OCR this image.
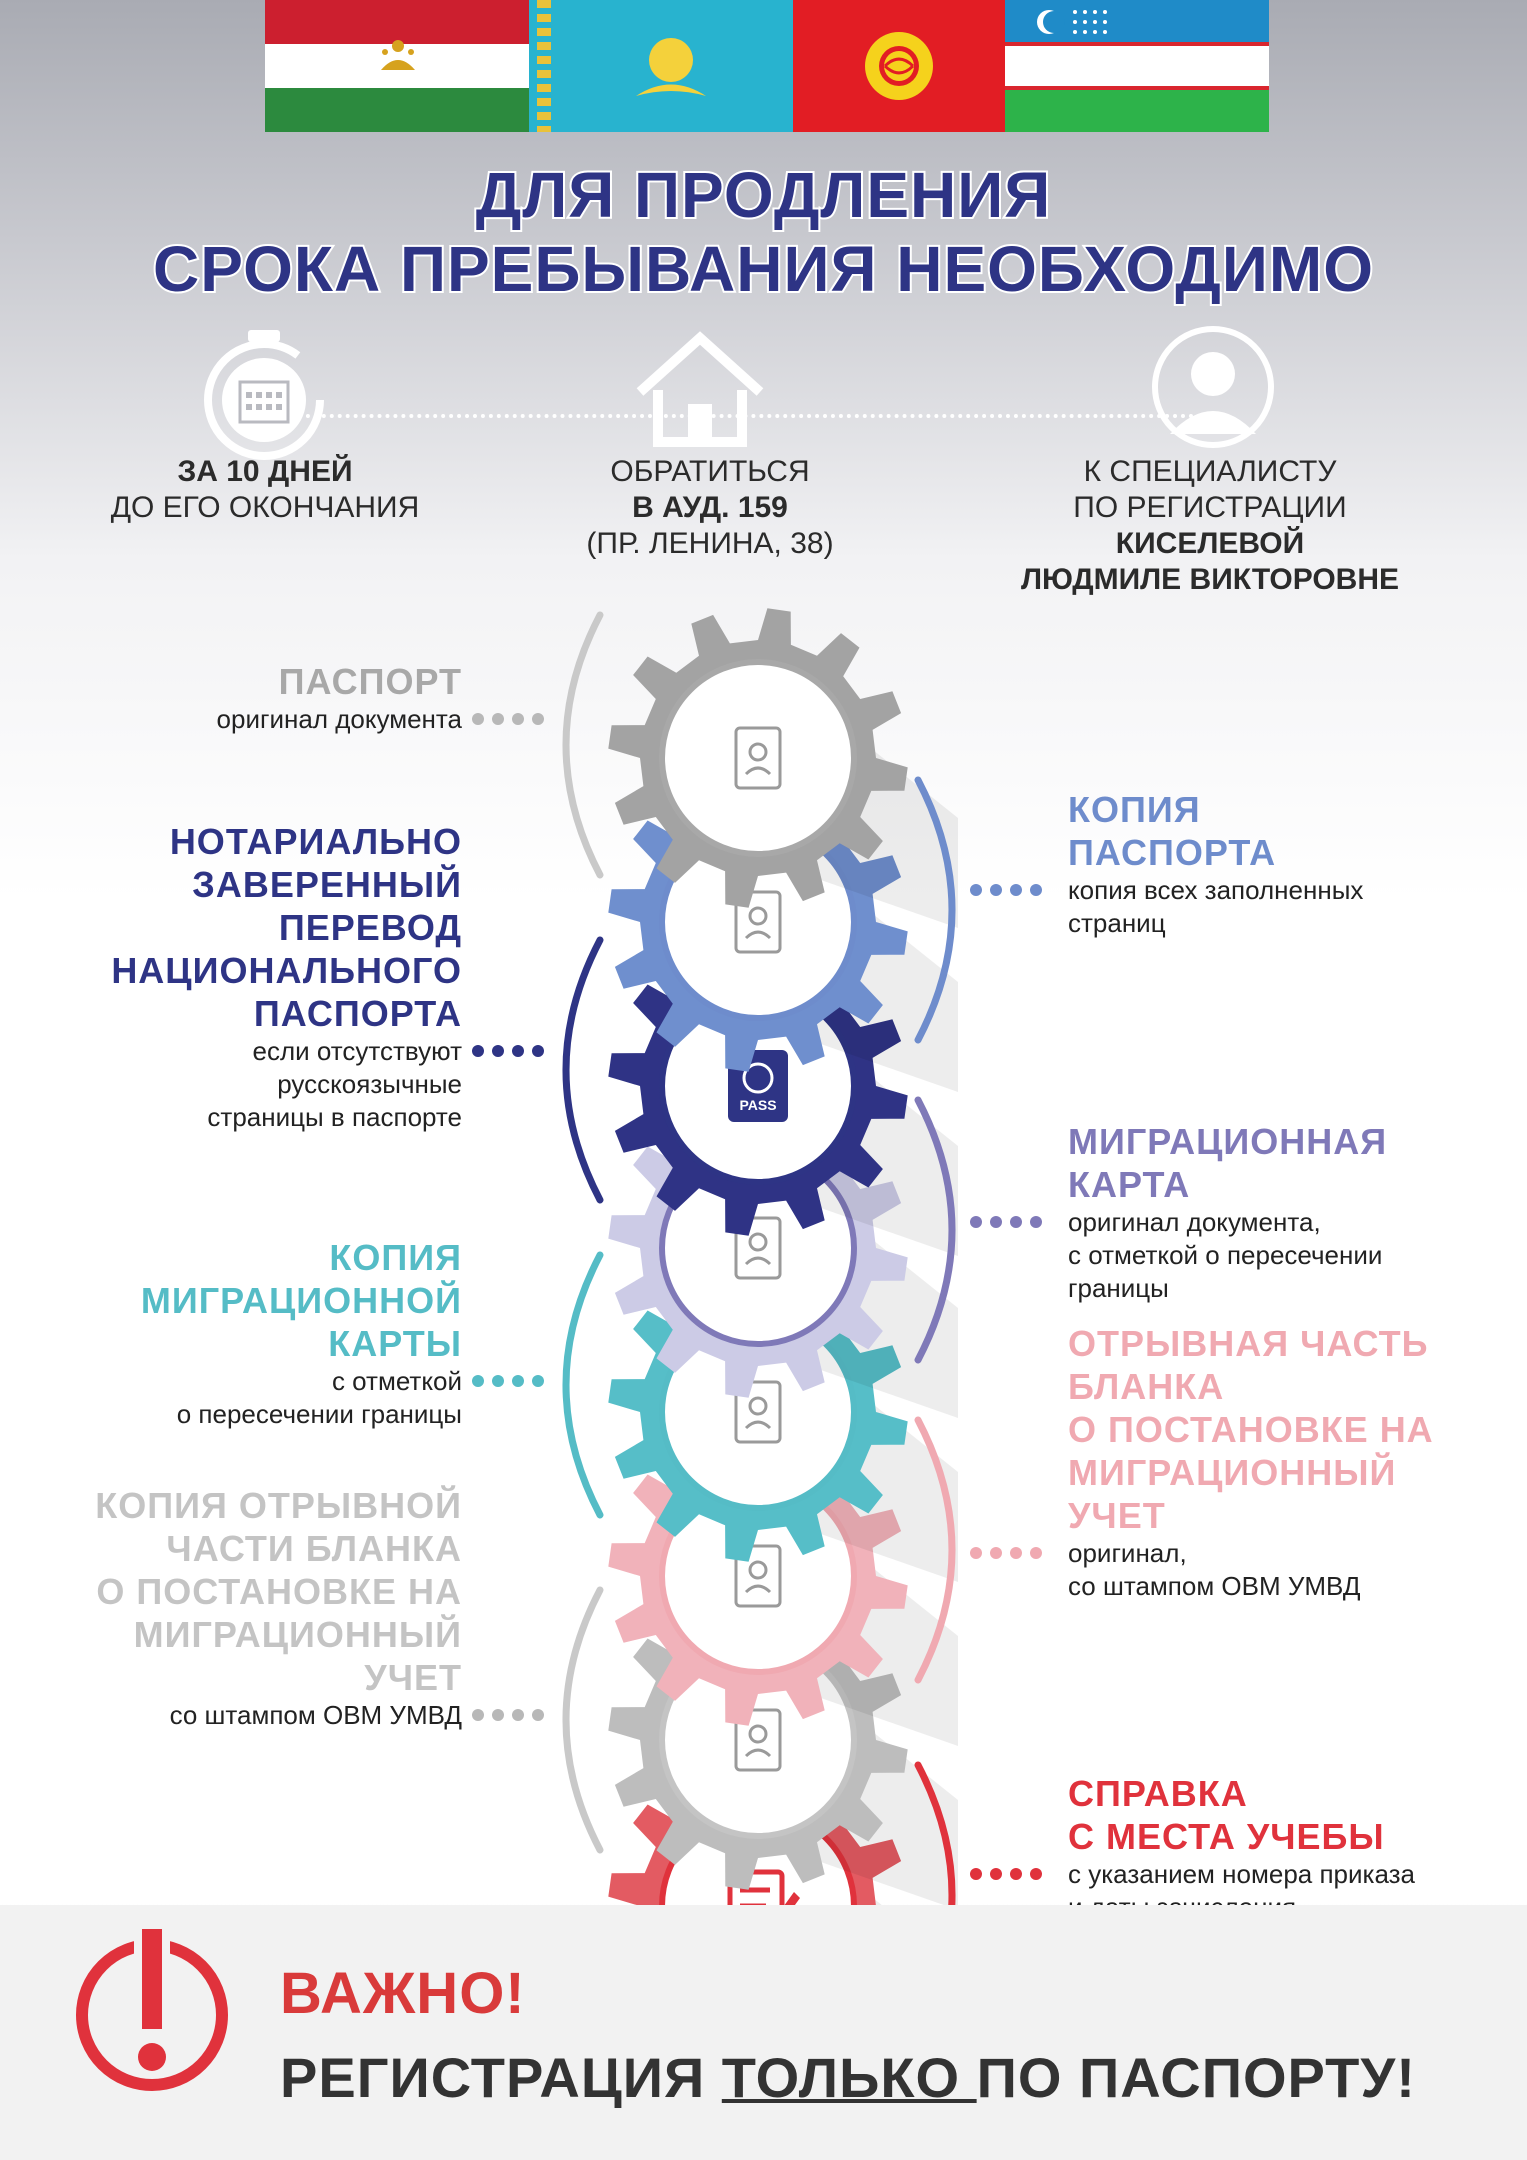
ДЛЯ ПРОДЛЕНИЯ
СРОКА ПРЕБЫВАНИЯ НЕОБХОДИМО
ЗА 10 ДНЕЙ
ДО ЕГО ОКОНЧАНИЯ
ОБРАТИТЬСЯ
В АУД. 159
(ПР. ЛЕНИНА, 38)
К СПЕЦИАЛИСТУ
ПО РЕГИСТРАЦИИ
КИСЕЛЕВОЙ
ЛЮДМИЛЕ ВИКТОРОВНЕ
PASS
ПАСПОРТ
оригинал документа
КОПИЯ
ПАСПОРТА
копия всех заполненных
страниц
НОТАРИАЛЬНО
ЗАВЕРЕННЫЙ
ПЕРЕВОД
НАЦИОНАЛЬНОГО
ПАСПОРТА
если отсутствуют
русскоязычные
страницы в паспорте
МИГРАЦИОННАЯ
КАРТА
оригинал документа,
с отметкой о пересечении
границы
КОПИЯ
МИГРАЦИОННОЙ
КАРТЫ
с отметкой
о пересечении границы
ОТРЫВНАЯ ЧАСТЬ
БЛАНКА
О ПОСТАНОВКЕ НА
МИГРАЦИОННЫЙ
УЧЕТ
оригинал,
со штампом ОВМ УМВД
КОПИЯ ОТРЫВНОЙ
ЧАСТИ БЛАНКА
О ПОСТАНОВКЕ НА
МИГРАЦИОННЫЙ
УЧЕТ
со штампом ОВМ УМВД
СПРАВКА
С МЕСТА УЧЕБЫ
с указанием номера приказа

ВАЖНО!
РЕГИСТРАЦИЯ ТОЛЬКО ПО ПАСПОРТУ!
